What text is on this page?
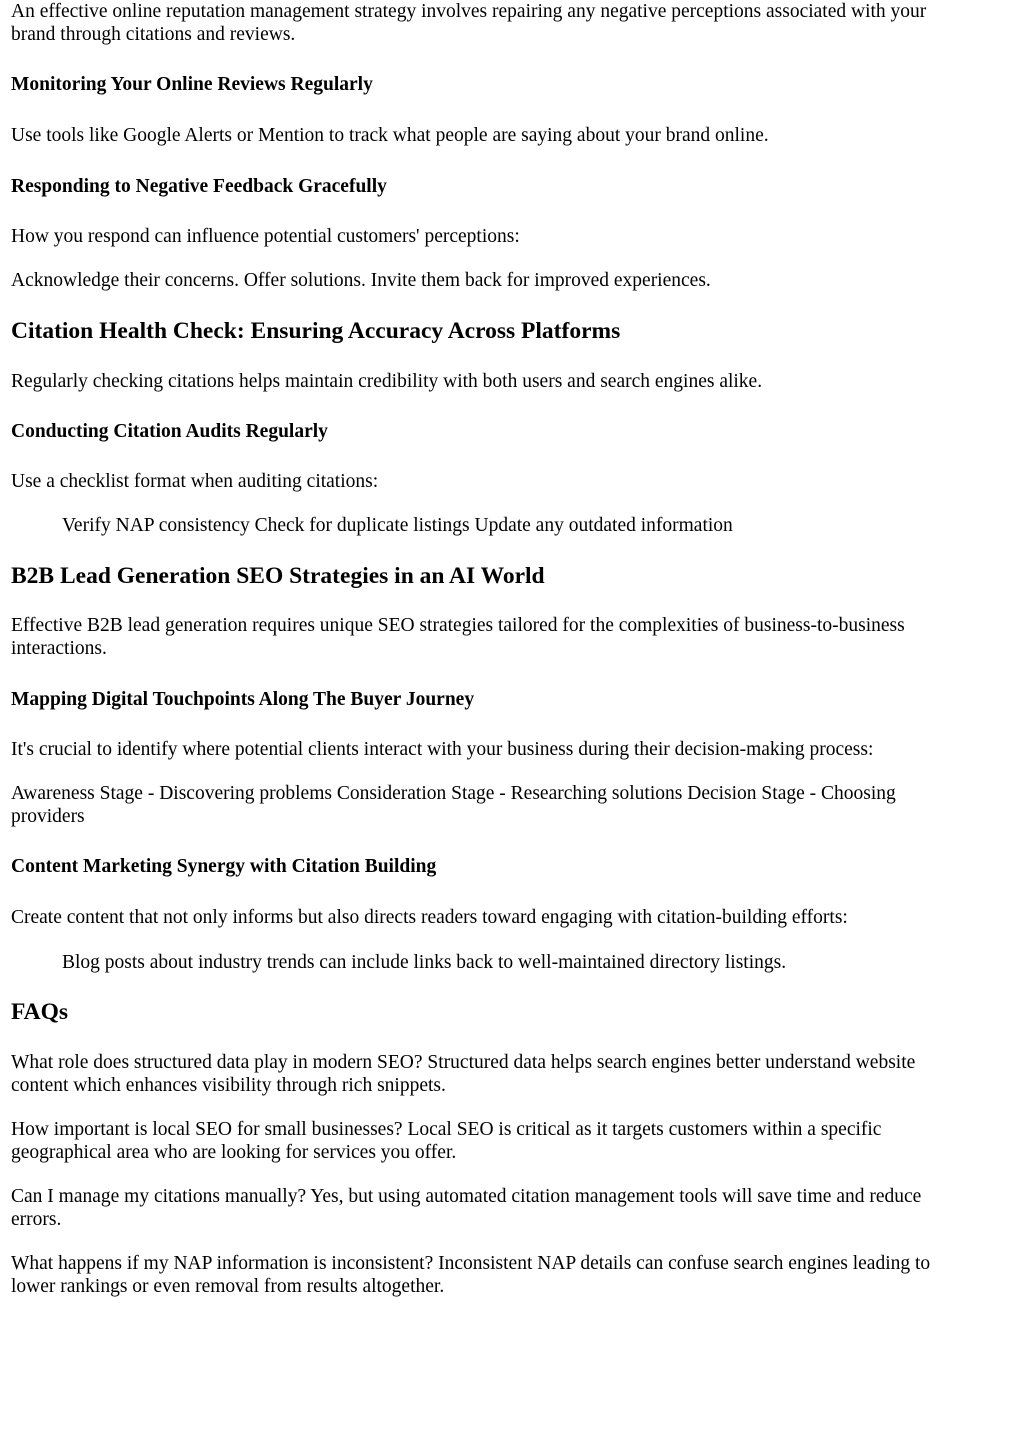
An effective online reputation management strategy involves repairing any negative perceptions associated with your
brand through citations and reviews.

Monitoring Your Online Reviews Regularly

Use tools like Google Alerts or Mention to track what people are saying about your brand online.

Responding to Negative Feedback Gracefully

How you respond can influence potential customers' perceptions:

Acknowledge their concerns. Offer solutions. Invite them back for improved experiences.

Citation Health Check: Ensuring Accuracy Across Platforms

Regularly checking citations helps maintain credibility with both users and search engines alike.

Conducting Citation Audits Regularly

Use a checklist format when auditing citations:

Verify NAP consistency Check for duplicate listings Update any outdated information

B2B Lead Generation SEO Strategies in an AI World

Effective B2B lead generation requires unique SEO strategies tailored for the complexities of business-to-business
interactions.

Mapping Digital Touchpoints Along The Buyer Journey

It's crucial to identify where potential clients interact with your business during their decision-making process:

Awareness Stage - Discovering problems Consideration Stage - Researching solutions Decision Stage - Choosing
providers

Content Marketing Synergy with Citation Building

Create content that not only informs but also directs readers toward engaging with citation-building efforts:

Blog posts about industry trends can include links back to well-maintained directory listings.

FAQs

What role does structured data play in modern SEO? Structured data helps search engines better understand website
content which enhances visibility through rich snippets.

How important is local SEO for small businesses? Local SEO is critical as it targets customers within a specific
geographical area who are looking for services you offer.

Can I manage my citations manually? Yes, but using automated citation management tools will save time and reduce
errors.

What happens if my NAP information is inconsistent? Inconsistent NAP details can confuse search engines leading to
lower rankings or even removal from results altogether.
